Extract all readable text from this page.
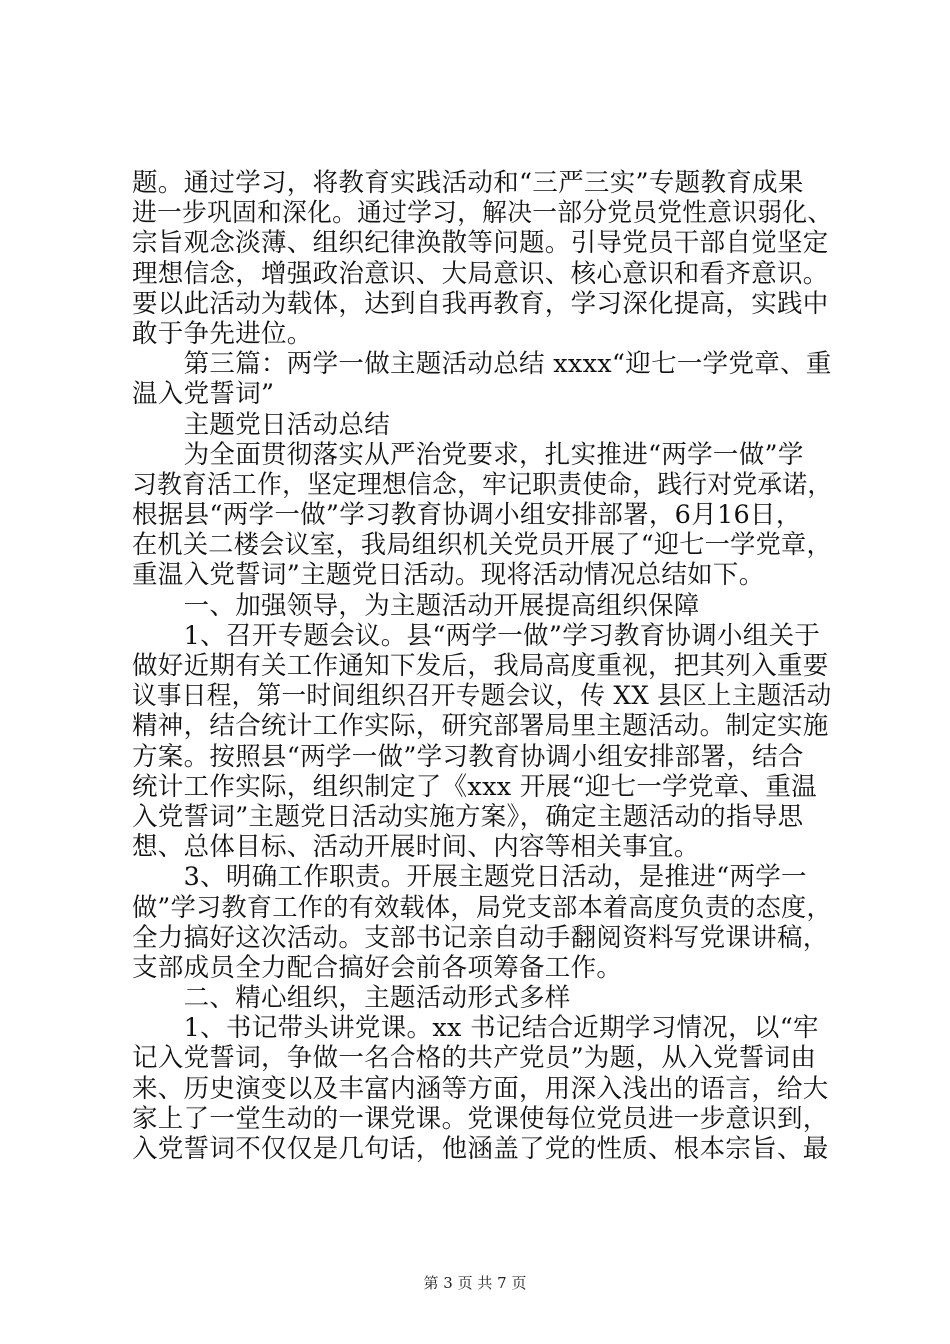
题。通过学习，将教育实践活动和“三严三实”专题教育成果
进一步巩固和深化。通过学习，解决一部分党员党性意识弱化、
宗旨观念淡薄、组织纪律涣散等问题。引导党员干部自觉坚定
理想信念，增强政治意识、大局意识、核心意识和看齐意识。
要以此活动为载体，达到自我再教育，学习深化提高，实践中
敢于争先进位。
　　第三篇：两学一做主题活动总结 xxxx“迎七一学党章、重
温入党誓词”
　　主题党日活动总结
　　为全面贯彻落实从严治党要求，扎实推进“两学一做”学
习教育活工作，坚定理想信念，牢记职责使命，践行对党承诺，
根据县“两学一做”学习教育协调小组安排部署，6月16日，
在机关二楼会议室，我局组织机关党员开展了“迎七一学党章，
重温入党誓词”主题党日活动。现将活动情况总结如下。
　　一、加强领导，为主题活动开展提高组织保障
　　1、召开专题会议。县“两学一做”学习教育协调小组关于
做好近期有关工作通知下发后，我局高度重视，把其列入重要
议事日程，第一时间组织召开专题会议，传 XX 县区上主题活动
精神，结合统计工作实际，研究部署局里主题活动。制定实施
方案。按照县“两学一做”学习教育协调小组安排部署，结合
统计工作实际，组织制定了《xxx 开展“迎七一学党章、重温
入党誓词”主题党日活动实施方案》，确定主题活动的指导思
想、总体目标、活动开展时间、内容等相关事宜。
　　3、明确工作职责。开展主题党日活动，是推进“两学一
做”学习教育工作的有效载体，局党支部本着高度负责的态度，
全力搞好这次活动。支部书记亲自动手翻阅资料写党课讲稿，
支部成员全力配合搞好会前各项筹备工作。
　　二、精心组织，主题活动形式多样
　　1、书记带头讲党课。xx 书记结合近期学习情况，以“牢
记入党誓词，争做一名合格的共产党员”为题，从入党誓词由
来、历史演变以及丰富内涵等方面，用深入浅出的语言，给大
家上了一堂生动的一课党课。党课使每位党员进一步意识到，
入党誓词不仅仅是几句话，他涵盖了党的性质、根本宗旨、最
第 3 页 共 7 页
